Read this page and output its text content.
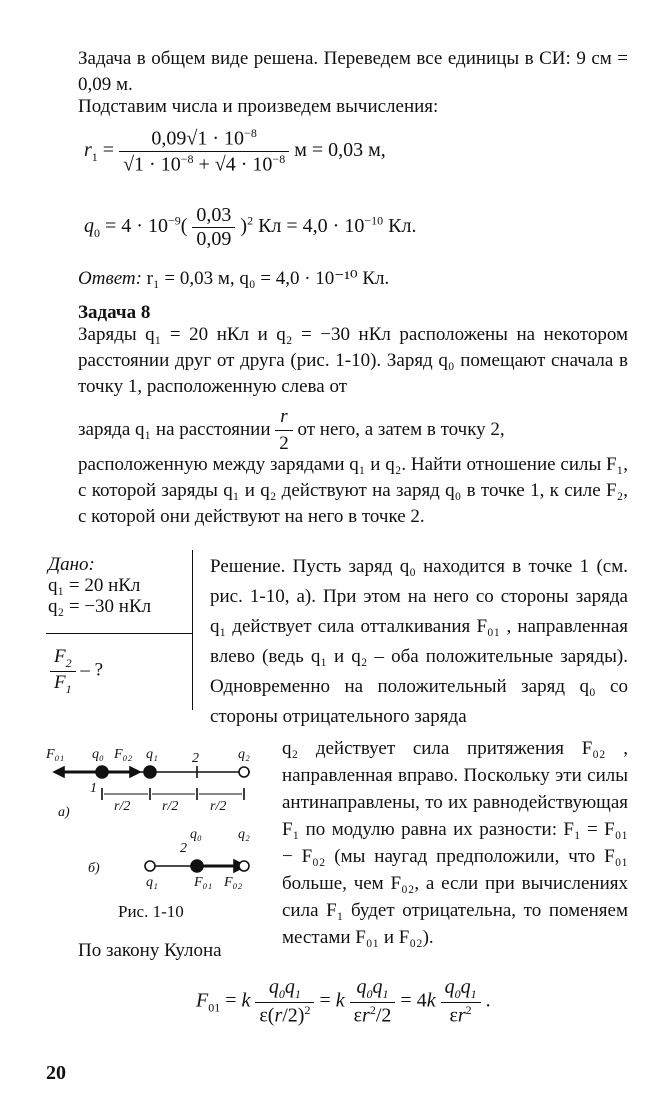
Задача в общем виде решена. Переведем все единицы в СИ: 9 см = 0,09 м.
Подставим числа и произведем вычисления:
$r_1 = \frac{0,09√1 \cdot 10^{-8}}{√1 \cdot 10^{-8} + √4 \cdot 10^{-8}}$ м = 0,03 м,
$q_0 = 4 \cdot 10^{-9}( \frac{0,03}{0,09} )^2$ Кл = $4,0 \cdot 10^{-10}$ Кл.
Ответ: r₁ = 0,03 м, q₀ = 4,0 · 10⁻¹⁰ Кл.
Задача 8
Заряды q₁ = 20 нКл и q₂ = −30 нКл расположены на некотором расстоянии друг от друга (рис. 1-10). Заряд q₀ помещают сначала в точку 1, расположенную слева от
заряда q₁ на расстоянии $\frac{r}{2}$ от него, а затем в точку 2,
расположенную между зарядами q₁ и q₂. Найти отношение силы F₁, с которой заряды q₁ и q₂ действуют на заряд q₀ в точке 1, к силе F₂, с которой они действуют на него в точке 2.
Дано:
q₁ = 20 нКл
q₂ = −30 нКл
$\frac{F_2}{F_1}$ – ?
Решение. Пусть заряд q₀ находится в точке 1 (см. рис. 1-10, а). При этом на него со стороны заряда q₁ действует сила отталкивания F₀₁ , направленная влево (ведь q₁ и q₂ – оба положительные заряды). Одновременно на положительный заряд q₀ со стороны отрицательного заряда
F₀₁ q₀ F₀₂ q₁ 2	q₂
1
r/2 r/2 r/2
а)
б)
q₁
2
q₀	q₂
F₀₁ F₀₂
Рис. 1-10
q₂ действует сила притяжения F₀₂ , направленная вправо. Поскольку эти силы антинаправлены, то их равнодействующая F₁ по модулю равна их разности: F₁ = F₀₁ − F₀₂ (мы наугад предположили, что F₀₁ больше, чем F₀₂, а если при вычислениях сила F₁ будет отрицательна, то поменяем местами F₀₁ и F₀₂).
По закону Кулона
$F_{01} = k \frac{q_0q_1}{\varepsilon(r/2)^2} = k \frac{q_0q_1}{\varepsilon r^2/2} = 4k \frac{q_0q_1}{\varepsilon r^2}$ .
20
